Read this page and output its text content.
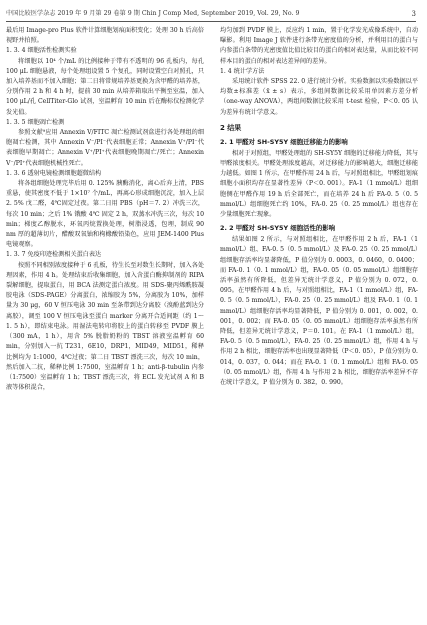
中国比较医学杂志 2019 年 9 月第 29 卷第 9 期 Chin J Comp Med, September 2019, Vol. 29, No. 9	3

最后用 Image-pro Plus 软件计算细胞划痕面积变化；处理 30 h 后高倍视野并拍照。

1. 3. 4 细胞活性检测实验

将细胞以 10⁴ 个/mL 的比例接种于带有不透明的 96 孔板内，每孔 100 μL 细胞悬液，每个处理组设置 5 个复孔，同时设置空白对照孔，只加入培养基而不加入细胞；第二日将常规培养基更换为含甲醛的培养基，分别作用 2 h 和 4 h 时，提前 30 min 从培养箱取出平衡至室温，加入 100 μL/孔 CellTiter-Glo 试剂，室温孵育 10 min 后在酶标仪检测化学发光值。

1. 3. 5 细胞凋亡检测

参照文献⁹应用 Annexin V/FITC 凋亡检测试剂盒进行各处理组的细胞凋亡检测，其中 Annexin V⁻/PI⁻代表细胞正常；Annexin V⁺/PI⁻代表细胞早期凋亡；Annexin V⁺/PI⁺代表细胞晚期凋亡/死亡；Annexin V⁻/PI⁺代表细胞机械性死亡。

1. 3. 6 透射电镜检测细胞超微结构

将各组细胞处理完毕后用 0. 125% 胰酶消化，离心后弃上清，PBS 重悬，使其密度不低于 1×10⁷ 个/mL，再离心形成细胞沉淀，加入上层 2. 5% 戊二醛，4℃固定过夜。第二日用 PBS（pH＝7. 2）冲洗三次，每次 10 min；之后 1% 锇酸 4℃ 固定 2 h，双蒸水冲洗三次，每次 10 min；梯度乙醇脱水，环氧丙烷置换处理，树脂浸透，包埋，制成 90 nm 厚的超薄切片，醋酸双氧铀和枸橼酸铅染色，应用 JEM-1400 Plus 电镜观察。

1. 3. 7 免疫印迹检测相关蛋白表达

按照不同相别浓度接种于 6 孔板，待生长至对数生长期时，加入各处理因素，作用 4 h。处理结束后收集细胞，加入含蛋白酶抑制剂的 RIPA 裂解细胞，提取蛋白，用 BCA 法测定蛋白浓度。用 SDS-聚丙烯酰胺凝胶电泳（SDS-PAGE）分离蛋白，浓缩胶为 5%，分离胶为 10%，加样量为 30 μg，60 V 恒压电泳 30 min 至条带到达分离胶（溴酚蓝到达分离胶），调至 100 V 恒压电泳至蛋白 marker 分离开合适间距（约 1～1. 5 h），即结束电泳。用湿法电转印将胶上的蛋白转移至 PVDF 膜上（300 mA，1 h），用含 5% 脱脂奶粉的 TBST 溶液室温孵育 60 min，分别加入一抗 T231，6E10，DRP1，MID49，MID51，稀释比例均为 1:1000，4℃过夜；第二日 TBST 漂洗三次，每次 10 min，然后加入二抗，稀释比例 1:7500，室温孵育 1 h；anti-β-tubulin 内参（1:7500）室温孵育 1 h；TBST 漂洗三次，将 ECL 发光试剂 A 和 B 液等体积混合，

均匀加到 PVDF 膜上，反应约 1 min，置于化学发光成像系统中，自动曝影。利用 Image J 软件进行条带光密度值的分析，并利用目的蛋白与内参蛋白条带的光密度值比值比较目的蛋白的相对表达量，从而比较不同样本目的蛋白的相对表达差异间的差异。

1. 4 统计学方法

采用统计软件 SPSS 22. 0 进行统计分析。实验数据以实验数据以平均数±标准差（x̄ ± s）表示，多组间数据比较采用单因素方差分析（one-way ANOVA），两组间数据比较采用 t-test 检验，P＜0. 05 认为差异有统计学意义。

2 结果

2. 1 甲醛对 SH-SY5Y 细胞迁移能力的影响

相对于对照组，甲醛处理组的 SH-SY5Y 细胞的迁移能力降低，其与甲醛浓度相关。甲醛处理浓度越高，对迁移能力的影响越大，细胞迁移能力越低。如图 1 所示，在甲醛作用 24 h 后，与对照组相比，甲醛组划痕细胞小面积均存在显著性差异（P＜0. 001）。FA-1（1 mmol/L）组细胞侧在甲醛作用 19 h 后全部死亡，而在培养 24 h 后 FA-0. 5（0. 5 mmol/L）组细胞死亡约 10%，FA-0. 25（0. 25 mmol/L）组也存在少量细胞死亡现象。

2. 2 甲醛对 SH-SY5Y 细胞活性的影响

结果如图 2 所示，与对照组相比，在甲醛作用 2 h 后，FA-1（1 mmol/L）组、FA-0. 5（0. 5 mmol/L）及 FA-0. 25（0. 25 mmol/L）组细胞存活率均显著降低，P 值分别为 0. 0003，0. 0460，0. 0400；而 FA-0. 1（0. 1 mmol/L）组，FA-0. 05（0. 05 mmol/L）组细胞存活率虽然有所降低，但差异无统计学意义，P 值分别为 0. 072，0. 095。在甲醛作用 4 h 后，与对照组相比，FA-1（1 mmol/L）组，FA-0. 5（0. 5 mmol/L），FA-0. 25（0. 25 mmol/L）组及 FA-0. 1（0. 1 mmol/L）组细胞存活率均显著降低，P 值分别为 0. 001，0. 002，0. 001，0. 002；而 FA-0. 05（0. 05 mmol/L）组细胞存活率虽然有所降低，但差异无统计学意义，P＝0. 101。在 FA-1（1 mmol/L）组，FA-0. 5（0. 5 mmol/L），FA-0. 25（0. 25 mmol/L）组，作用 4 h 与作用 2 h 相比，细胞存活率也出现显著降低（P＜0. 05），P 值分别为 0. 014，0. 037，0. 044；而在 FA-0. 1（0. 1 mmol/L）组和 FA-0. 05（0. 05 mmol/L）组，作用 4 h 与作用 2 h 相比，细胞存活率差异不存在统计学意义，P 值分别为 0. 382，0. 990。
